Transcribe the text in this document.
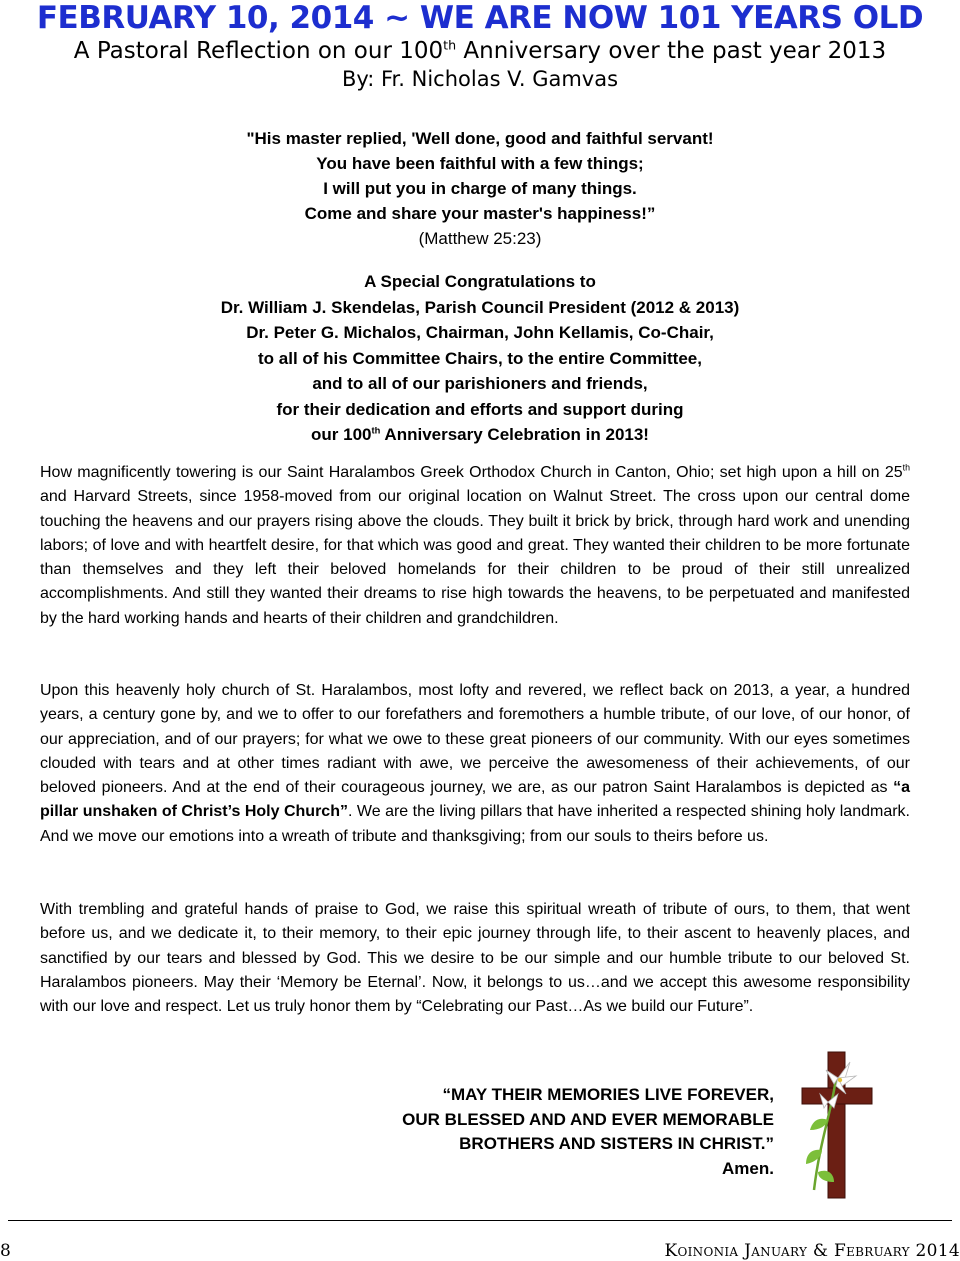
FEBRUARY 10, 2014 ~ WE ARE NOW 101 YEARS OLD
A Pastoral Reflection on our 100th Anniversary over the past year 2013
By: Fr. Nicholas V. Gamvas
"His master replied, 'Well done, good and faithful servant!
You have been faithful with a few things;
I will put you in charge of many things.
Come and share your master's happiness!”
(Matthew 25:23)
A Special Congratulations to
Dr. William J. Skendelas, Parish Council President (2012 & 2013)
Dr. Peter G. Michalos, Chairman, John Kellamis, Co-Chair,
to all of his Committee Chairs, to the entire Committee,
and to all of our parishioners and friends,
for their dedication and efforts and support during
our 100th Anniversary Celebration in 2013!
How magnificently towering is our Saint Haralambos Greek Orthodox Church in Canton, Ohio; set high upon a hill on 25th and Harvard Streets, since 1958-moved from our original location on Walnut Street. The cross upon our central dome touching the heavens and our prayers rising above the clouds. They built it brick by brick, through hard work and unending labors; of love and with heartfelt desire, for that which was good and great. They wanted their children to be more fortunate than themselves and they left their beloved homelands for their children to be proud of their still unrealized accomplishments. And still they wanted their dreams to rise high towards the heavens, to be perpetuated and manifested by the hard working hands and hearts of their children and grandchildren.
Upon this heavenly holy church of St. Haralambos, most lofty and revered, we reflect back on 2013, a year, a hundred years, a century gone by, and we to offer to our forefathers and foremothers a humble tribute, of our love, of our honor, of our appreciation, and of our prayers; for what we owe to these great pioneers of our community. With our eyes sometimes clouded with tears and at other times radiant with awe, we perceive the awesomeness of their achievements, of our beloved pioneers. And at the end of their courageous journey, we are, as our patron Saint Haralambos is depicted as “a pillar unshaken of Christ’s Holy Church”. We are the living pillars that have inherited a respected shining holy landmark. And we move our emotions into a wreath of tribute and thanksgiving; from our souls to theirs before us.
With trembling and grateful hands of praise to God, we raise this spiritual wreath of tribute of ours, to them, that went before us, and we dedicate it, to their memory, to their epic journey through life, to their ascent to heavenly places, and sanctified by our tears and blessed by God. This we desire to be our simple and our humble tribute to our beloved St. Haralambos pioneers. May their ‘Memory be Eternal’. Now, it belongs to us…and we accept this awesome responsibility with our love and respect. Let us truly honor them by “Celebrating our Past…As we build our Future”.
“MAY THEIR MEMORIES LIVE FOREVER,
OUR BLESSED AND AND EVER MEMORABLE
BROTHERS AND SISTERS IN CHRIST.”
Amen.
8	Koinonia January & February 2014
